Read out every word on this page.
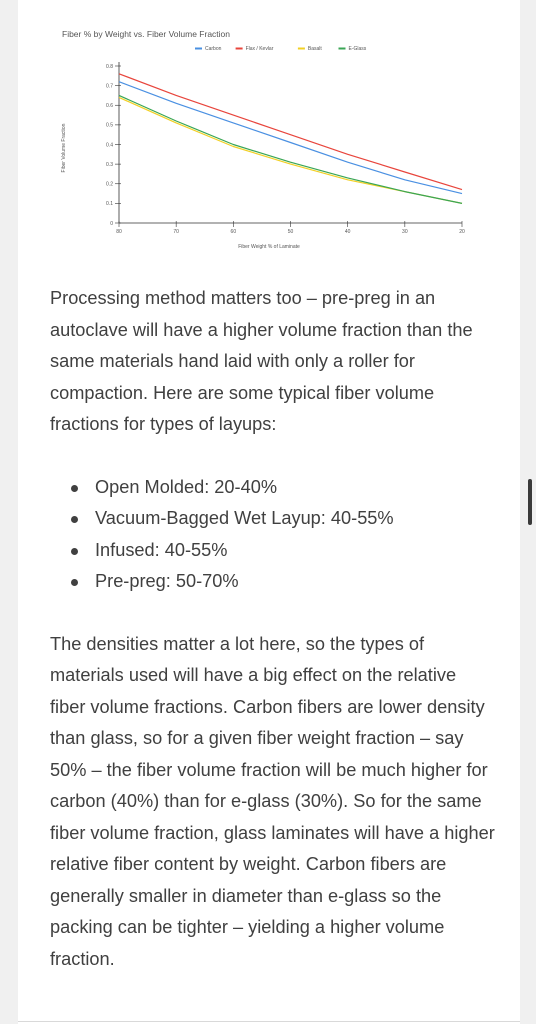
Fiber % by Weight vs. Fiber Volume Fraction
Carbon	Flax / Kevlar	Basalt	E-Glass
0
0.1
0.2
0.3
0.4
0.5
0.6
0.7
0.8
80	70	60	50	40	30	20
Fiber Weight % of Laminate
Fiber Volume Fraction

Processing method matters too – pre-preg in an autoclave will have a higher volume fraction than the same materials hand laid with only a roller for compaction. Here are some typical fiber volume fractions for types of layups:

Open Molded: 20-40%
Vacuum-Bagged Wet Layup: 40-55%
Infused: 40-55%
Pre-preg: 50-70%

The densities matter a lot here, so the types of materials used will have a big effect on the relative fiber volume fractions. Carbon fibers are lower density than glass, so for a given fiber weight fraction – say 50% – the fiber volume fraction will be much higher for carbon (40%) than for e-glass (30%). So for the same fiber volume fraction, glass laminates will have a higher relative fiber content by weight. Carbon fibers are generally smaller in diameter than e-glass so the packing can be tighter – yielding a higher volume fraction.
